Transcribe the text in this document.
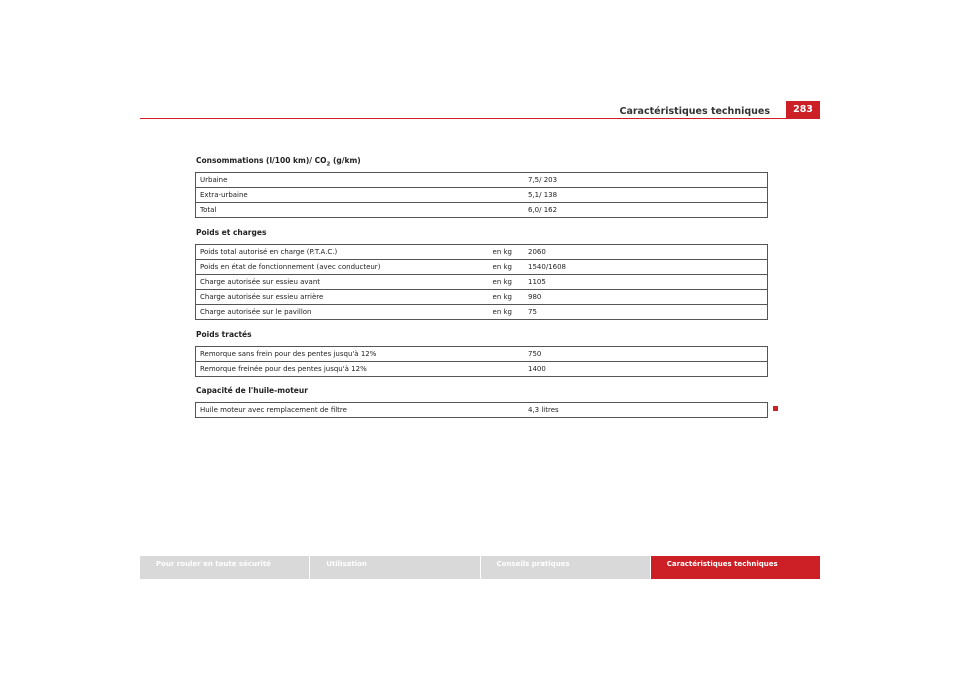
Caractéristiques techniques	283
Consommations (l/100 km)/ $CO_2$ (g/km)
Urbaine		7,5/ 203
Extra-urbaine		5,1/ 138
Total		6,0/ 162
Poids et charges
Poids total autorisé en charge (P.T.A.C.)	en kg	2060
Poids en état de fonctionnement (avec conducteur)	en kg	1540/1608
Charge autorisée sur essieu avant	en kg	1105
Charge autorisée sur essieu arrière	en kg	980
Charge autorisée sur le pavillon	en kg	75
Poids tractés
Remorque sans frein pour des pentes jusqu'à 12%		750
Remorque freinée pour des pentes jusqu'à 12%		1400
Capacité de l'huile-moteur
Huile moteur avec remplacement de filtre		4,3 litres
Pour rouler en toute sécurité	Utilisation	Conseils pratiques	Caractéristiques techniques
